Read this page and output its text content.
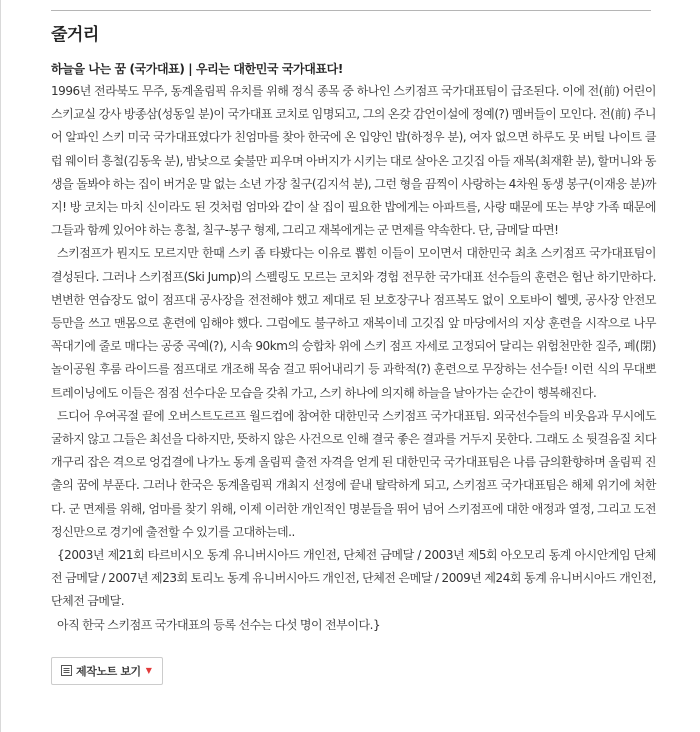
줄거리
하늘을 나는 꿈 (국가대표) | 우리는 대한민국 국가대표다!

1996년 전라북도 무주, 동계올림픽 유치를 위해 정식 종목 중 하나인 스키점프 국가대표팀이 급조된다. 이에 전(前) 어린이 스키교실 강사 방종삼(성동일 분)이 국가대표 코치로 임명되고, 그의 온갖 감언이설에 정예(?) 멤버들이 모인다. 전(前) 주니어 알파인 스키 미국 국가대표였다가 친엄마를 찾아 한국에 온 입양인 밥(하정우 분), 여자 없으면 하루도 못 버틸 나이트 클럽 웨이터 흥철(김동욱 분), 밤낮으로 숯불만 피우며 아버지가 시키는 대로 살아온 고깃집 아들 재복(최재환 분), 할머니와 동생을 돌봐야 하는 집이 버거운 말 없는 소년 가장 칠구(김지석 분), 그런 형을 끔찍이 사랑하는 4차원 동생 봉구(이재응 분)까지! 방 코치는 마치 신이라도 된 것처럼 엄마와 같이 살 집이 필요한 밥에게는 아파트를, 사랑 때문에 또는 부양 가족 때문에 그들과 함께 있어야 하는 흥철, 칠구-봉구 형제, 그리고 재복에게는 군 면제를 약속한다. 단, 금메달 따면!

스키점프가 뭔지도 모르지만 한때 스키 좀 타봤다는 이유로 뽑힌 이들이 모이면서 대한민국 최초 스키점프 국가대표팀이 결성된다. 그러나 스키점프(Ski Jump)의 스펠링도 모르는 코치와 경험 전무한 국가대표 선수들의 훈련은 험난 하기만하다. 변변한 연습장도 없이 점프대 공사장을 전전해야 했고 제대로 된 보호장구나 점프복도 없이 오토바이 헬멧, 공사장 안전모 등만을 쓰고 맨몸으로 훈련에 임해야 했다. 그럼에도 불구하고 재복이네 고깃집 앞 마당에서의 지상 훈련을 시작으로 나무 꼭대기에 줄로 매다는 공중 곡예(?), 시속 90km의 승합차 위에 스키 점프 자세로 고정되어 달리는 위험천만한 질주, 폐(閉)놀이공원 후룸 라이드를 점프대로 개조해 목숨 걸고 뛰어내리기 등 과학적(?) 훈련으로 무장하는 선수들! 이런 식의 무대뽀 트레이닝에도 이들은 점점 선수다운 모습을 갖춰 가고, 스키 하나에 의지해 하늘을 날아가는 순간이 행복해진다.

드디어 우여곡절 끝에 오버스트도르프 월드컵에 참여한 대한민국 스키점프 국가대표팀. 외국선수들의 비웃음과 무시에도 굴하지 않고 그들은 최선을 다하지만, 뜻하지 않은 사건으로 인해 결국 좋은 결과를 거두지 못한다. 그래도 소 뒷걸음질 치다 개구리 잡은 격으로 엉겁결에 나가노 동계 올림픽 출전 자격을 얻게 된 대한민국 국가대표팀은 나름 금의환향하며 올림픽 진출의 꿈에 부푼다. 그러나 한국은 동계올림픽 개최지 선정에 끝내 탈락하게 되고, 스키점프 국가대표팀은 해체 위기에 처한다. 군 면제를 위해, 엄마를 찾기 위해, 이제 이러한 개인적인 명분들을 뛰어 넘어 스키점프에 대한 애정과 열정, 그리고 도전 정신만으로 경기에 출전할 수 있기를 고대하는데..

{2003년 제21회 타르비시오 동계 유니버시아드 개인전, 단체전 금메달 / 2003년 제5회 아오모리 동계 아시안게임 단체전 금메달 / 2007년 제23회 토리노 동계 유니버시아드 개인전, 단체전 은메달 / 2009년 제24회 동계 유니버시아드 개인전, 단체전 금메달.

아직 한국 스키점프 국가대표의 등록 선수는 다섯 명이 전부이다.}

제작노트 보기 ▼
